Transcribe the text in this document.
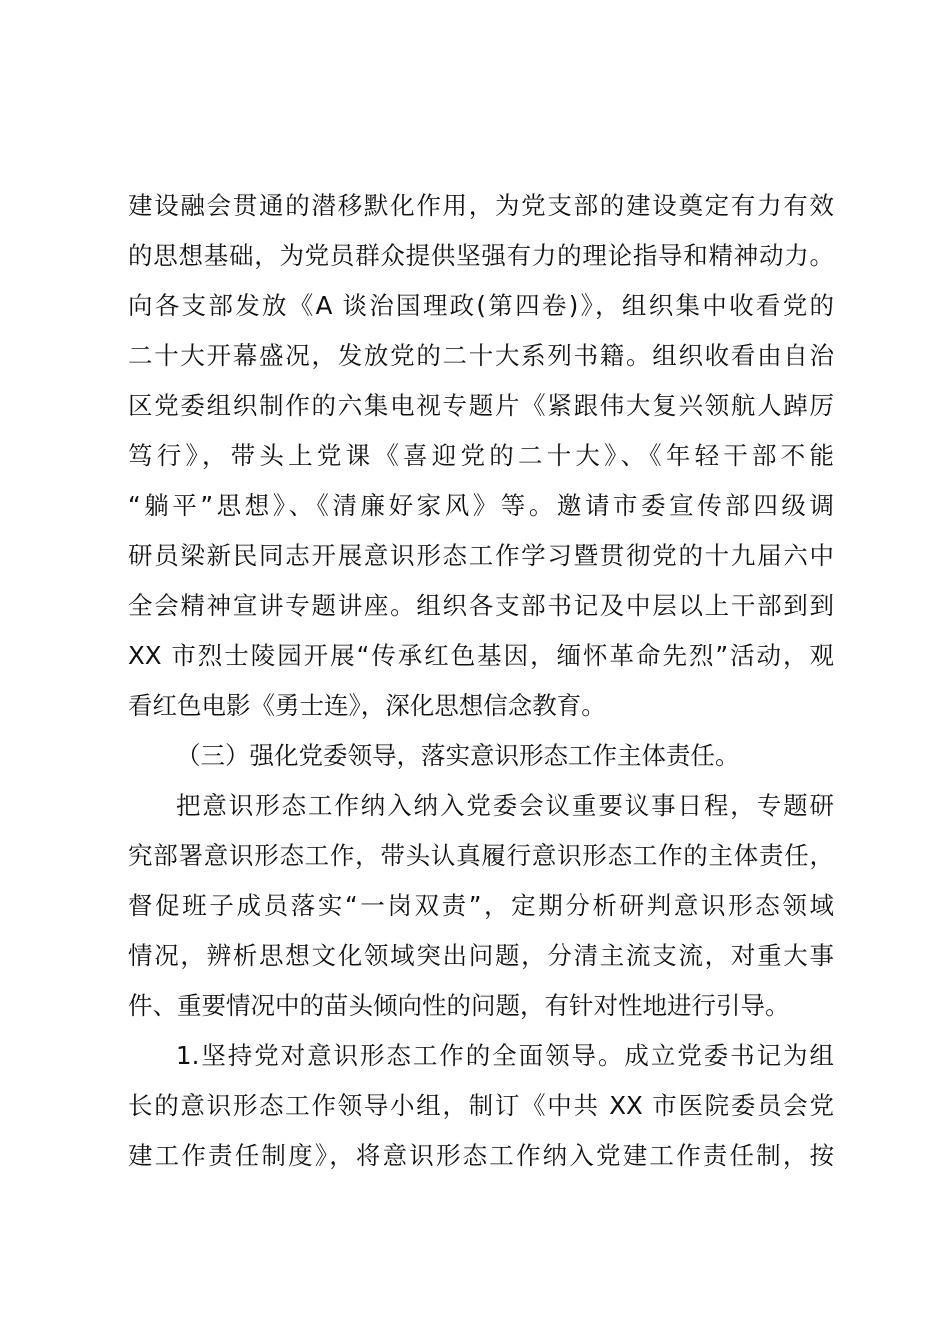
建设融会贯通的潜移默化作用，为党支部的建设奠定有力有效
的思想基础，为党员群众提供坚强有力的理论指导和精神动力。
向各支部发放《A 谈治国理政(第四卷)》，组织集中收看党的
二十大开幕盛况，发放党的二十大系列书籍。组织收看由自治
区党委组织制作的六集电视专题片《紧跟伟大复兴领航人踔厉
笃行》，带头上党课《喜迎党的二十大》、《年轻干部不能
“躺平”思想》、《清廉好家风》等。邀请市委宣传部四级调
研员梁新民同志开展意识形态工作学习暨贯彻党的十九届六中
全会精神宣讲专题讲座。组织各支部书记及中层以上干部到到
XX 市烈士陵园开展“传承红色基因，缅怀革命先烈”活动，观
看红色电影《勇士连》，深化思想信念教育。
（三）强化党委领导，落实意识形态工作主体责任。
把意识形态工作纳入纳入党委会议重要议事日程，专题研
究部署意识形态工作，带头认真履行意识形态工作的主体责任，
督促班子成员落实“一岗双责”，定期分析研判意识形态领域
情况，辨析思想文化领域突出问题，分清主流支流，对重大事
件、重要情况中的苗头倾向性的问题，有针对性地进行引导。
1.坚持党对意识形态工作的全面领导。成立党委书记为组
长的意识形态工作领导小组，制订《中共 XX 市医院委员会党
建工作责任制度》，将意识形态工作纳入党建工作责任制，按
